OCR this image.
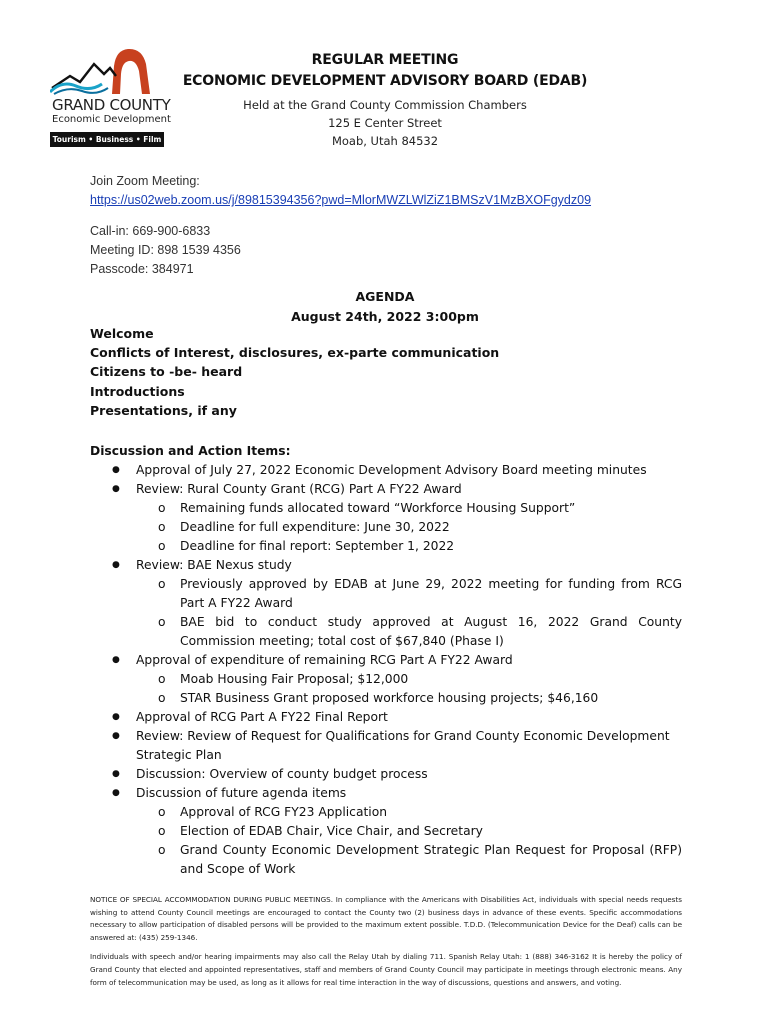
GRAND COUNTY
Economic Development
Tourism • Business • Film
REGULAR MEETING
ECONOMIC DEVELOPMENT ADVISORY BOARD (EDAB)
Held at the Grand County Commission Chambers
125 E Center Street
Moab, Utah 84532
Join Zoom Meeting:
https://us02web.zoom.us/j/89815394356?pwd=MlorMWZLWlZiZ1BMSzV1MzBXOFgydz09
Call-in: 669-900-6833
Meeting ID: 898 1539 4356
Passcode: 384971
AGENDA
August 24th, 2022 3:00pm
Welcome
Conflicts of Interest, disclosures, ex-parte communication
Citizens to -be- heard
Introductions
Presentations, if any
Discussion and Action Items:
● Approval of July 27, 2022 Economic Development Advisory Board meeting minutes
● Review: Rural County Grant (RCG) Part A FY22 Award
o Remaining funds allocated toward “Workforce Housing Support”
o Deadline for full expenditure: June 30, 2022
o Deadline for final report: September 1, 2022
● Review: BAE Nexus study
o Previously approved by EDAB at June 29, 2022 meeting for funding from RCG Part A FY22 Award
o BAE bid to conduct study approved at August 16, 2022 Grand County Commission meeting; total cost of $67,840 (Phase I)
● Approval of expenditure of remaining RCG Part A FY22 Award
o Moab Housing Fair Proposal; $12,000
o STAR Business Grant proposed workforce housing projects; $46,160
● Approval of RCG Part A FY22 Final Report
● Review: Review of Request for Qualifications for Grand County Economic Development Strategic Plan
● Discussion: Overview of county budget process
● Discussion of future agenda items
o Approval of RCG FY23 Application
o Election of EDAB Chair, Vice Chair, and Secretary
o Grand County Economic Development Strategic Plan Request for Proposal (RFP) and Scope of Work

NOTICE OF SPECIAL ACCOMMODATION DURING PUBLIC MEETINGS. In compliance with the Americans with Disabilities Act, individuals with special needs requests wishing to attend County Council meetings are encouraged to contact the County two (2) business days in advance of these events. Specific accommodations necessary to allow participation of disabled persons will be provided to the maximum extent possible. T.D.D. (Telecommunication Device for the Deaf) calls can be answered at: (435) 259-1346.

Individuals with speech and/or hearing impairments may also call the Relay Utah by dialing 711. Spanish Relay Utah: 1 (888) 346-3162 It is hereby the policy of Grand County that elected and appointed representatives, staff and members of Grand County Council may participate in meetings through electronic means. Any form of telecommunication may be used, as long as it allows for real time interaction in the way of discussions, questions and answers, and voting.
